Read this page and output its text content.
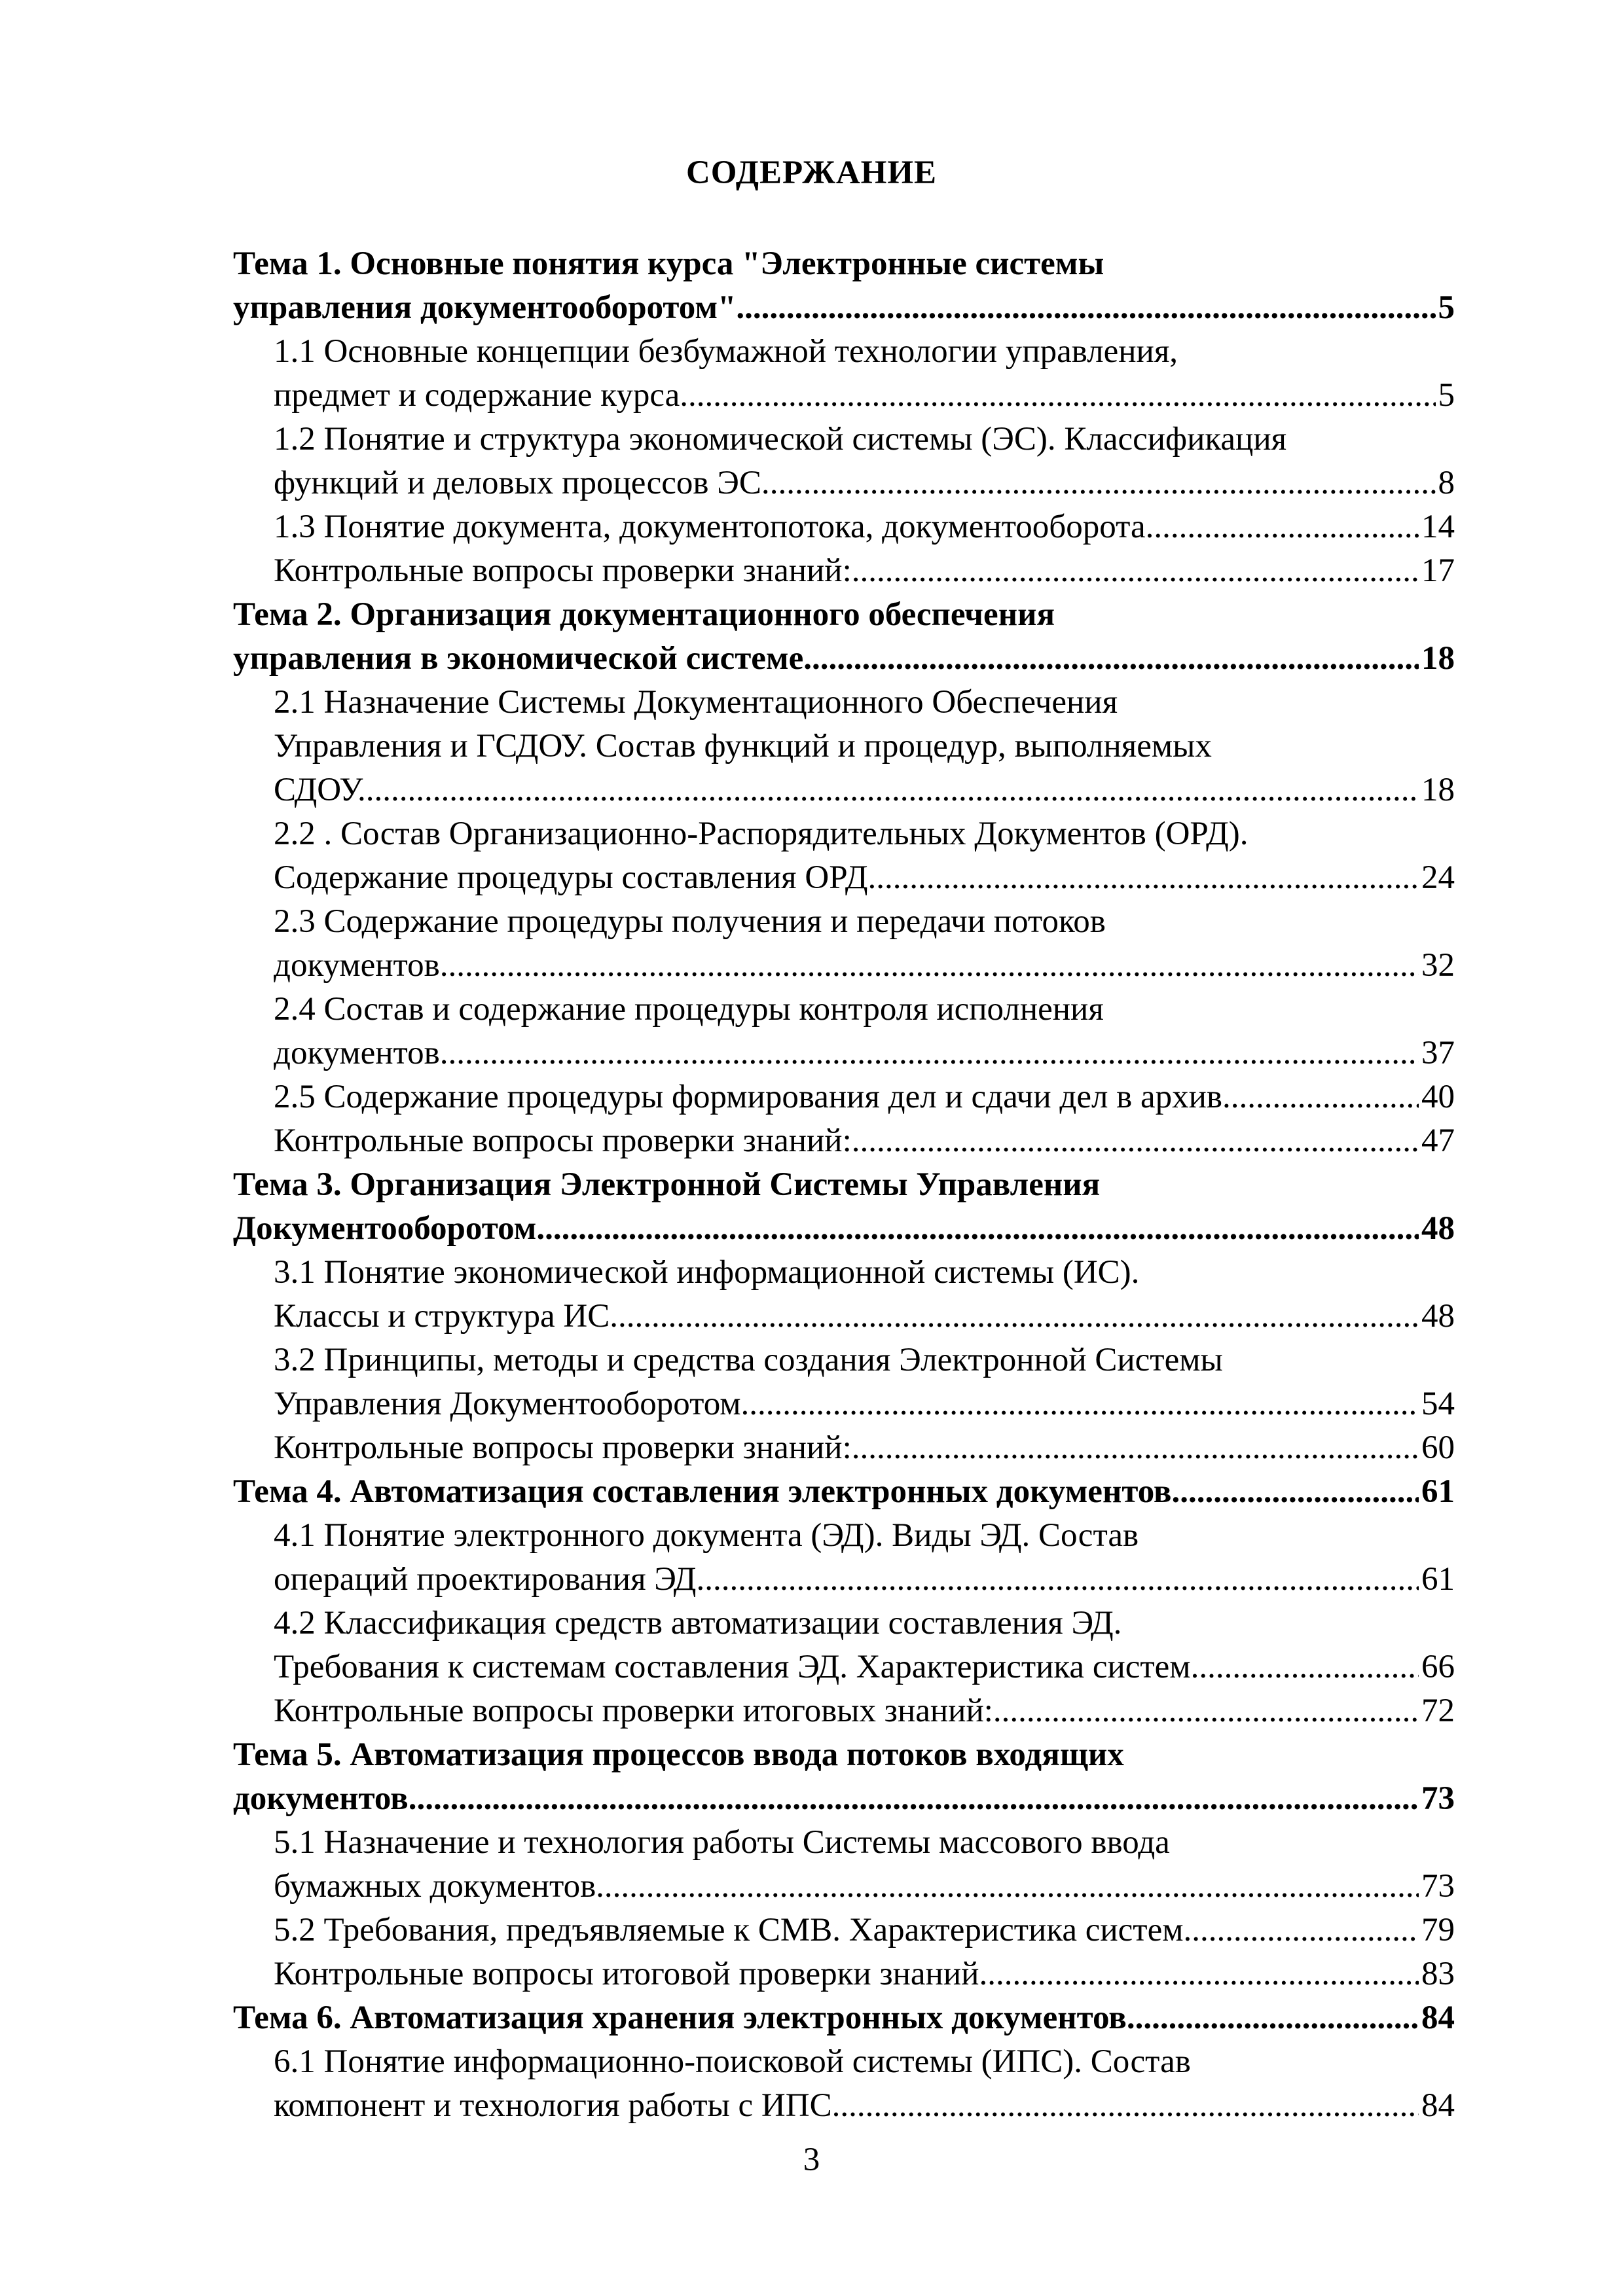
СОДЕРЖАНИЕ
Тема 1. Основные понятия курса "Электронные системы
управления документооборотом". .....	5
1.1 Основные концепции безбумажной технологии управления,
предмет и содержание курса. .....	5
1.2 Понятие и структура экономической системы (ЭС). Классификация
функций и деловых процессов ЭС. .....	8
1.3 Понятие документа, документопотока, документооборота .....	14
Контрольные вопросы проверки знаний: .....	17
Тема 2. Организация документационного обеспечения
управления в экономической системе .....	18
2.1 Назначение Системы Документационного Обеспечения
Управления и ГСДОУ. Состав функций и процедур, выполняемых
СДОУ. .....	18
2.2 . Состав Организационно-Распорядительных Документов (ОРД).
Содержание процедуры составления ОРД. .....	24
2.3 Содержание процедуры получения и передачи потоков
документов. .....	32
2.4 Состав и содержание процедуры контроля исполнения
документов. .....	37
2.5 Содержание процедуры формирования дел и сдачи дел в архив .....	40
Контрольные вопросы проверки знаний: .....	47
Тема 3. Организация Электронной Системы Управления
Документооборотом .....	48
3.1 Понятие экономической информационной системы (ИС).
Классы и структура ИС. .....	48
3.2 Принципы, методы и средства создания Электронной Системы
Управления Документооборотом .....	54
Контрольные вопросы проверки знаний: .....	60
Тема 4. Автоматизация составления электронных документов .....	61
4.1 Понятие электронного документа (ЭД). Виды ЭД. Состав
операций проектирования ЭД. .....	61
4.2 Классификация средств автоматизации составления ЭД.
Требования к системам составления ЭД. Характеристика систем. .....	66
Контрольные вопросы проверки итоговых знаний: .....	72
Тема 5. Автоматизация процессов ввода потоков входящих
документов .....	73
5.1 Назначение и технология работы Системы массового ввода
бумажных документов. .....	73
5.2 Требования, предъявляемые к СМВ. Характеристика систем. .....	79
Контрольные вопросы итоговой проверки знаний .....	83
Тема 6. Автоматизация хранения электронных документов .....	84
6.1 Понятие информационно-поисковой системы (ИПС). Состав
компонент и технология работы с ИПС. .....	84
3
